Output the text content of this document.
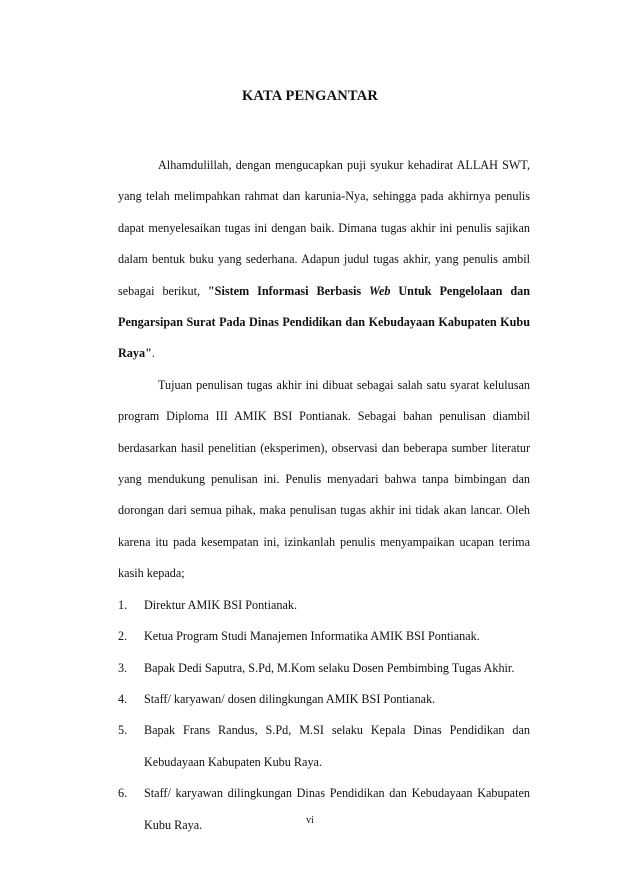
KATA PENGANTAR

Alhamdulillah, dengan mengucapkan puji syukur kehadirat ALLAH SWT, yang telah melimpahkan rahmat dan karunia-Nya, sehingga pada akhirnya penulis dapat menyelesaikan tugas ini dengan baik. Dimana tugas akhir ini penulis sajikan dalam bentuk buku yang sederhana. Adapun judul tugas akhir, yang penulis ambil sebagai berikut, "Sistem Informasi Berbasis Web Untuk Pengelolaan dan Pengarsipan Surat Pada Dinas Pendidikan dan Kebudayaan Kabupaten Kubu Raya".

Tujuan penulisan tugas akhir ini dibuat sebagai salah satu syarat kelulusan program Diploma III AMIK BSI Pontianak. Sebagai bahan penulisan diambil berdasarkan hasil penelitian (eksperimen), observasi dan beberapa sumber literatur yang mendukung penulisan ini. Penulis menyadari bahwa tanpa bimbingan dan dorongan dari semua pihak, maka penulisan tugas akhir ini tidak akan lancar. Oleh karena itu pada kesempatan ini, izinkanlah penulis menyampaikan ucapan terima kasih kepada;

1. Direktur AMIK BSI Pontianak.
2. Ketua Program Studi Manajemen Informatika AMIK BSI Pontianak.
3. Bapak Dedi Saputra, S.Pd, M.Kom selaku Dosen Pembimbing Tugas Akhir.
4. Staff/ karyawan/ dosen dilingkungan AMIK BSI Pontianak.
5. Bapak Frans Randus, S.Pd, M.SI selaku Kepala Dinas Pendidikan dan Kebudayaan Kabupaten Kubu Raya.
6. Staff/ karyawan dilingkungan Dinas Pendidikan dan Kebudayaan Kabupaten Kubu Raya.	vi
